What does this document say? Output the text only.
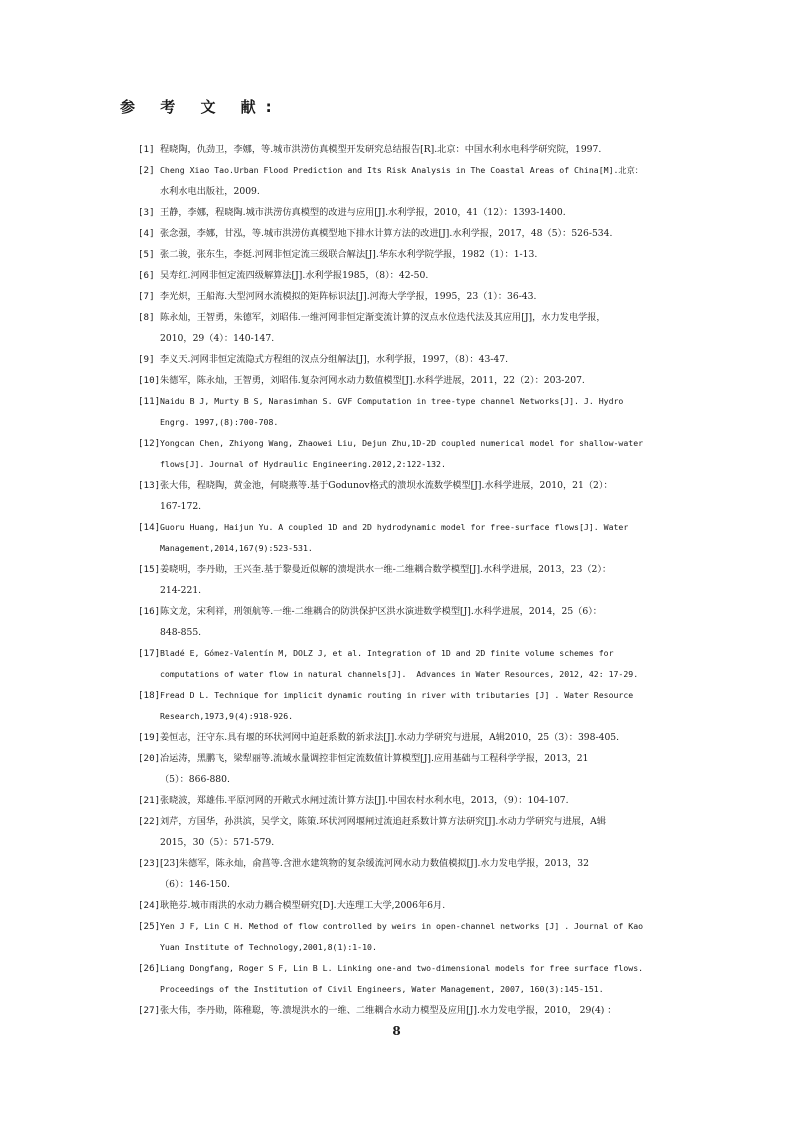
参 考 文 献:
[1] 程晓陶，仇劲卫，李娜，等.城市洪涝仿真模型开发研究总结报告[R].北京：中国水利水电科学研究院，1997.
[2] Cheng Xiao Tao.Urban Flood Prediction and Its Risk Analysis in The Coastal Areas of China[M].北京：
水利水电出版社，2009.
[3] 王静，李娜，程晓陶.城市洪涝仿真模型的改进与应用[J].水利学报，2010，41（12）：1393-1400.
[4] 张念强，李娜，甘泓，等.城市洪涝仿真模型地下排水计算方法的改进[J].水利学报，2017，48（5）：526-534.
[5] 张二骏，张东生，李挺.河网非恒定流三级联合解法[J].华东水利学院学报，1982（1）：1-13.
[6] 吴寿红.河网非恒定流四级解算法[J].水利学报1985，（8）：42-50.
[7] 李光炽，王船海.大型河网水流模拟的矩阵标识法[J].河海大学学报，1995，23（1）：36-43.
[8] 陈永灿，王智勇，朱德军，刘昭伟.一维河网非恒定渐变流计算的汊点水位迭代法及其应用[J]，水力发电学报，
2010，29（4）：140-147.
[9] 李义天.河网非恒定流隐式方程组的汊点分组解法[J]，水利学报，1997，（8）：43-47.
[10] 朱德军，陈永灿，王智勇，刘昭伟.复杂河网水动力数值模型[J].水科学进展，2011，22（2）：203-207.
[11] Naidu B J, Murty B S, Narasimhan S. GVF Computation in tree-type channel Networks[J]. J. Hydro
Engrg. 1997,(8):700-708.
[12] Yongcan Chen, Zhiyong Wang, Zhaowei Liu, Dejun Zhu,1D-2D coupled numerical model for shallow-water
flows[J]. Journal of Hydraulic Engineering.2012,2:122-132.
[13] 张大伟，程晓陶，黄金池，何晓燕等.基于Godunov格式的溃坝水流数学模型[J].水科学进展，2010，21（2）：
167-172.
[14] Guoru Huang, Haijun Yu. A coupled 1D and 2D hydrodynamic model for free-surface flows[J]. Water
Management,2014,167(9):523-531.
[15] 姜晓明，李丹勋，王兴奎.基于黎曼近似解的溃堤洪水一维-二维耦合数学模型[J].水科学进展，2013，23（2）：
214-221.
[16] 陈文龙，宋利祥，刑领航等.一维-二维耦合的防洪保护区洪水演进数学模型[J].水科学进展，2014，25（6）：
848-855.
[17] Bladé E, Gómez-Valentín M, DOLZ J, et al. Integration of 1D and 2D finite volume schemes for
computations of water flow in natural channels[J].  Advances in Water Resources, 2012, 42: 17-29.
[18] Fread D L. Technique for implicit dynamic routing in river with tributaries [J] . Water Resource
Research,1973,9(4):918-926.
[19] 姜恒志，汪守东.具有堰的环状河网中迫赶系数的新求法[J].水动力学研究与进展，A辑2010，25（3）：398-405.
[20] 冶运涛，黑鹏飞，梁犁丽等.流域水量调控非恒定流数值计算模型[J].应用基础与工程科学学报，2013，21
（5）：866-880.
[21] 张晓波，郑雄伟.平原河网的开敞式水闸过流计算方法[J].中国农村水利水电，2013，（9）：104-107.
[22] 刘芹，方国华，孙洪滨，吴学文，陈策.环状河网堰闸过流追赶系数计算方法研究[J].水动力学研究与进展，A辑
2015，30（5）：571-579.
[23] [23]朱德军，陈永灿，俞菖等.含泄水建筑物的复杂缓流河网水动力数值模拟[J].水力发电学报，2013，32
（6）：146-150.
[24] 耿艳芬.城市雨洪的水动力耦合模型研究[D].大连理工大学,2006年6月.
[25] Yen J F, Lin C H. Method of flow controlled by weirs in open-channel networks [J] . Journal of Kao
Yuan Institute of Technology,2001,8(1):1-10.
[26] Liang Dongfang, Roger S F, Lin B L. Linking one-and two-dimensional models for free surface flows.
Proceedings of the Institution of Civil Engineers, Water Management, 2007, 160(3):145-151.
[27] 张大伟，李丹勋，陈稚聪，等.溃堤洪水的一维、二维耦合水动力模型及应用[J].水力发电学报，2010， 29(4) ：
8
